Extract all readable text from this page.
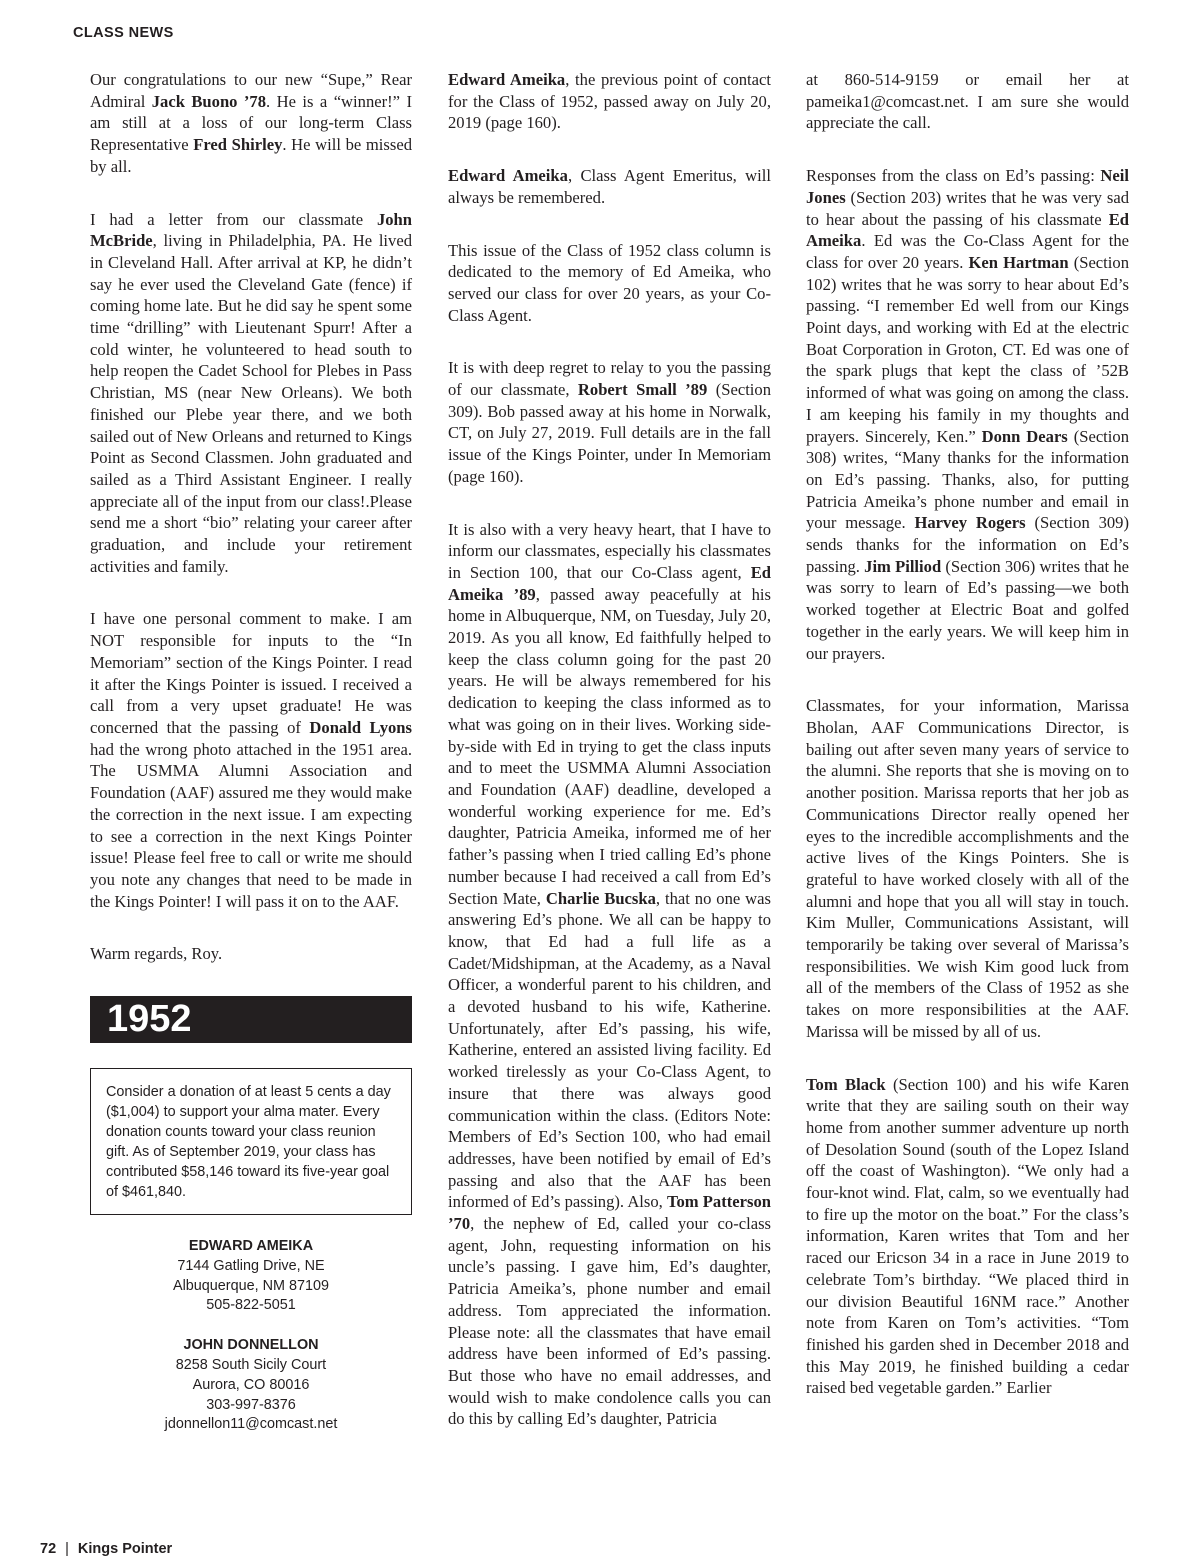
CLASS NEWS

Our congratulations to our new “Supe,” Rear Admiral Jack Buono ’78. He is a “winner!” I am still at a loss of our long-term Class Representative Fred Shirley. He will be missed by all.

I had a letter from our classmate John McBride, living in Philadelphia, PA. He lived in Cleveland Hall. After arrival at KP, he didn’t say he ever used the Cleveland Gate (fence) if coming home late. But he did say he spent some time “drilling” with Lieutenant Spurr! After a cold winter, he volunteered to head south to help reopen the Cadet School for Plebes in Pass Christian, MS (near New Orleans). We both finished our Plebe year there, and we both sailed out of New Orleans and returned to Kings Point as Second Classmen. John graduated and sailed as a Third Assistant Engineer. I really appreciate all of the input from our class!.Please send me a short “bio” relating your career after graduation, and include your retirement activities and family.

I have one personal comment to make. I am NOT responsible for inputs to the “In Memoriam” section of the Kings Pointer. I read it after the Kings Pointer is issued. I received a call from a very upset graduate! He was concerned that the passing of Donald Lyons had the wrong photo attached in the 1951 area. The USMMA Alumni Association and Foundation (AAF) assured me they would make the correction in the next issue. I am expecting to see a correction in the next Kings Pointer issue! Please feel free to call or write me should you note any changes that need to be made in the Kings Pointer! I will pass it on to the AAF.

Warm regards, Roy.

1952
Consider a donation of at least 5 cents a day ($1,004) to support your alma mater. Every donation counts toward your class reunion gift. As of September 2019, your class has contributed $58,146 toward its five-year goal of $461,840.
EDWARD AMEIKA
7144 Gatling Drive, NE
Albuquerque, NM 87109
505-822-5051
JOHN DONNELLON
8258 South Sicily Court
Aurora, CO 80016
303-997-8376
jdonnellon11@comcast.net

Edward Ameika, the previous point of contact for the Class of 1952, passed away on July 20, 2019 (page 160).

Edward Ameika, Class Agent Emeritus, will always be remembered.

This issue of the Class of 1952 class column is dedicated to the memory of Ed Ameika, who served our class for over 20 years, as your Co-Class Agent.

It is with deep regret to relay to you the passing of our classmate, Robert Small ’89 (Section 309). Bob passed away at his home in Norwalk, CT, on July 27, 2019. Full details are in the fall issue of the Kings Pointer, under In Memoriam (page 160).

It is also with a very heavy heart, that I have to inform our classmates, especially his classmates in Section 100, that our Co-Class agent, Ed Ameika ’89, passed away peacefully at his home in Albuquerque, NM, on Tuesday, July 20, 2019. As you all know, Ed faithfully helped to keep the class column going for the past 20 years. He will be always remembered for his dedication to keeping the class informed as to what was going on in their lives. Working side-by-side with Ed in trying to get the class inputs and to meet the USMMA Alumni Association and Foundation (AAF) deadline, developed a wonderful working experience for me. Ed’s daughter, Patricia Ameika, informed me of her father’s passing when I tried calling Ed’s phone number because I had received a call from Ed’s Section Mate, Charlie Bucska, that no one was answering Ed’s phone. We all can be happy to know, that Ed had a full life as a Cadet/Midshipman, at the Academy, as a Naval Officer, a wonderful parent to his children, and a devoted husband to his wife, Katherine. Unfortunately, after Ed’s passing, his wife, Katherine, entered an assisted living facility. Ed worked tirelessly as your Co-Class Agent, to insure that there was always good communication within the class. (Editors Note: Members of Ed’s Section 100, who had email addresses, have been notified by email of Ed’s passing and also that the AAF has been informed of Ed’s passing). Also, Tom Patterson ’70, the nephew of Ed, called your co-class agent, John, requesting information on his uncle’s passing. I gave him, Ed’s daughter, Patricia Ameika’s, phone number and email address. Tom appreciated the information. Please note: all the classmates that have email address have been informed of Ed’s passing. But those who have no email addresses, and would wish to make condolence calls you can do this by calling Ed’s daughter, Patricia

at 860-514-9159 or email her at pameika1@comcast.net. I am sure she would appreciate the call.

Responses from the class on Ed’s passing: Neil Jones (Section 203) writes that he was very sad to hear about the passing of his classmate Ed Ameika. Ed was the Co-Class Agent for the class for over 20 years. Ken Hartman (Section 102) writes that he was sorry to hear about Ed’s passing. “I remember Ed well from our Kings Point days, and working with Ed at the electric Boat Corporation in Groton, CT. Ed was one of the spark plugs that kept the class of ’52B informed of what was going on among the class. I am keeping his family in my thoughts and prayers. Sincerely, Ken.” Donn Dears (Section 308) writes, “Many thanks for the information on Ed’s passing. Thanks, also, for putting Patricia Ameika’s phone number and email in your message. Harvey Rogers (Section 309) sends thanks for the information on Ed’s passing. Jim Pilliod (Section 306) writes that he was sorry to learn of Ed’s passing—we both worked together at Electric Boat and golfed together in the early years. We will keep him in our prayers.

Classmates, for your information, Marissa Bholan, AAF Communications Director, is bailing out after seven many years of service to the alumni. She reports that she is moving on to another position. Marissa reports that her job as Communications Director really opened her eyes to the incredible accomplishments and the active lives of the Kings Pointers. She is grateful to have worked closely with all of the alumni and hope that you all will stay in touch. Kim Muller, Communications Assistant, will temporarily be taking over several of Marissa’s responsibilities. We wish Kim good luck from all of the members of the Class of 1952 as she takes on more responsibilities at the AAF. Marissa will be missed by all of us.

Tom Black (Section 100) and his wife Karen write that they are sailing south on their way home from another summer adventure up north of Desolation Sound (south of the Lopez Island off the coast of Washington). “We only had a four-knot wind. Flat, calm, so we eventually had to fire up the motor on the boat.” For the class’s information, Karen writes that Tom and her raced our Ericson 34 in a race in June 2019 to celebrate Tom’s birthday. “We placed third in our division Beautiful 16NM race.” Another note from Karen on Tom’s activities. “Tom finished his garden shed in December 2018 and this May 2019, he finished building a cedar raised bed vegetable garden.” Earlier

72 | Kings Pointer
